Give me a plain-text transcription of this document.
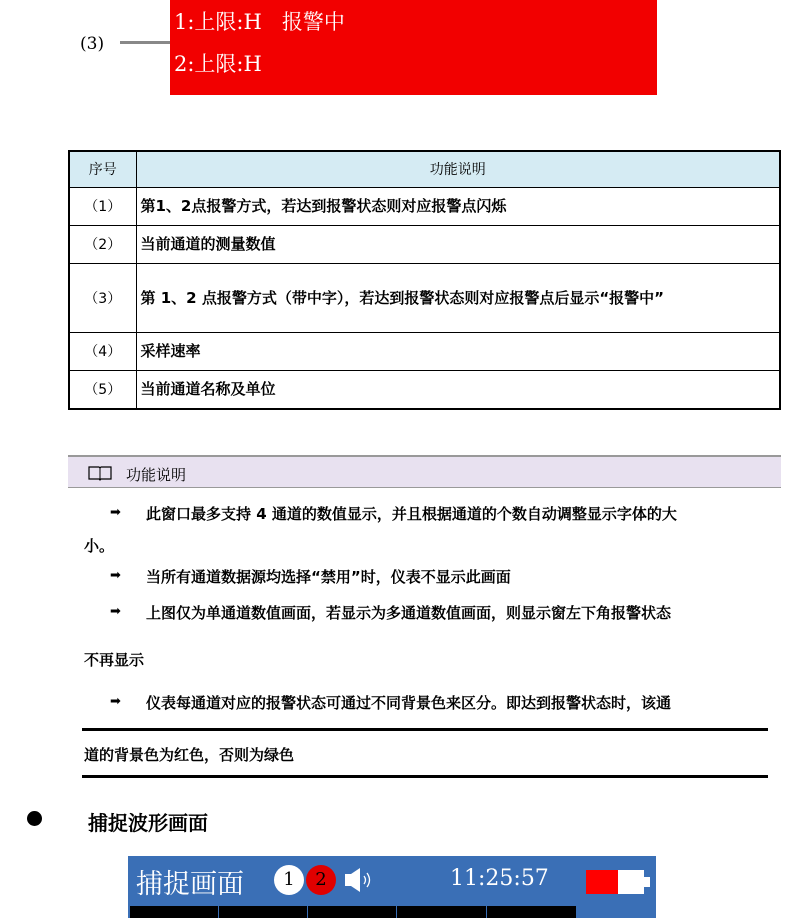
(3)
1:上限:H   报警中
2:上限:H
序号	功能说明
（1）	第1、2点报警方式，若达到报警状态则对应报警点闪烁
（2）	当前通道的测量数值
（3）	第 1、2 点报警方式（带中字），若达到报警状态则对应报警点后显示“报警中”
（4）	采样速率
（5）	当前通道名称及单位
功能说明
➡ 此窗口最多支持 4 通道的数值显示，并且根据通道的个数自动调整显示字体的大
小。
➡ 当所有通道数据源均选择“禁用”时，仪表不显示此画面
➡ 上图仅为单通道数值画面，若显示为多通道数值画面，则显示窗左下角报警状态
不再显示
➡ 仪表每通道对应的报警状态可通过不同背景色来区分。即达到报警状态时，该通
道的背景色为红色，否则为绿色
捕捉波形画面
捕捉画面	1	2	11:25:57
